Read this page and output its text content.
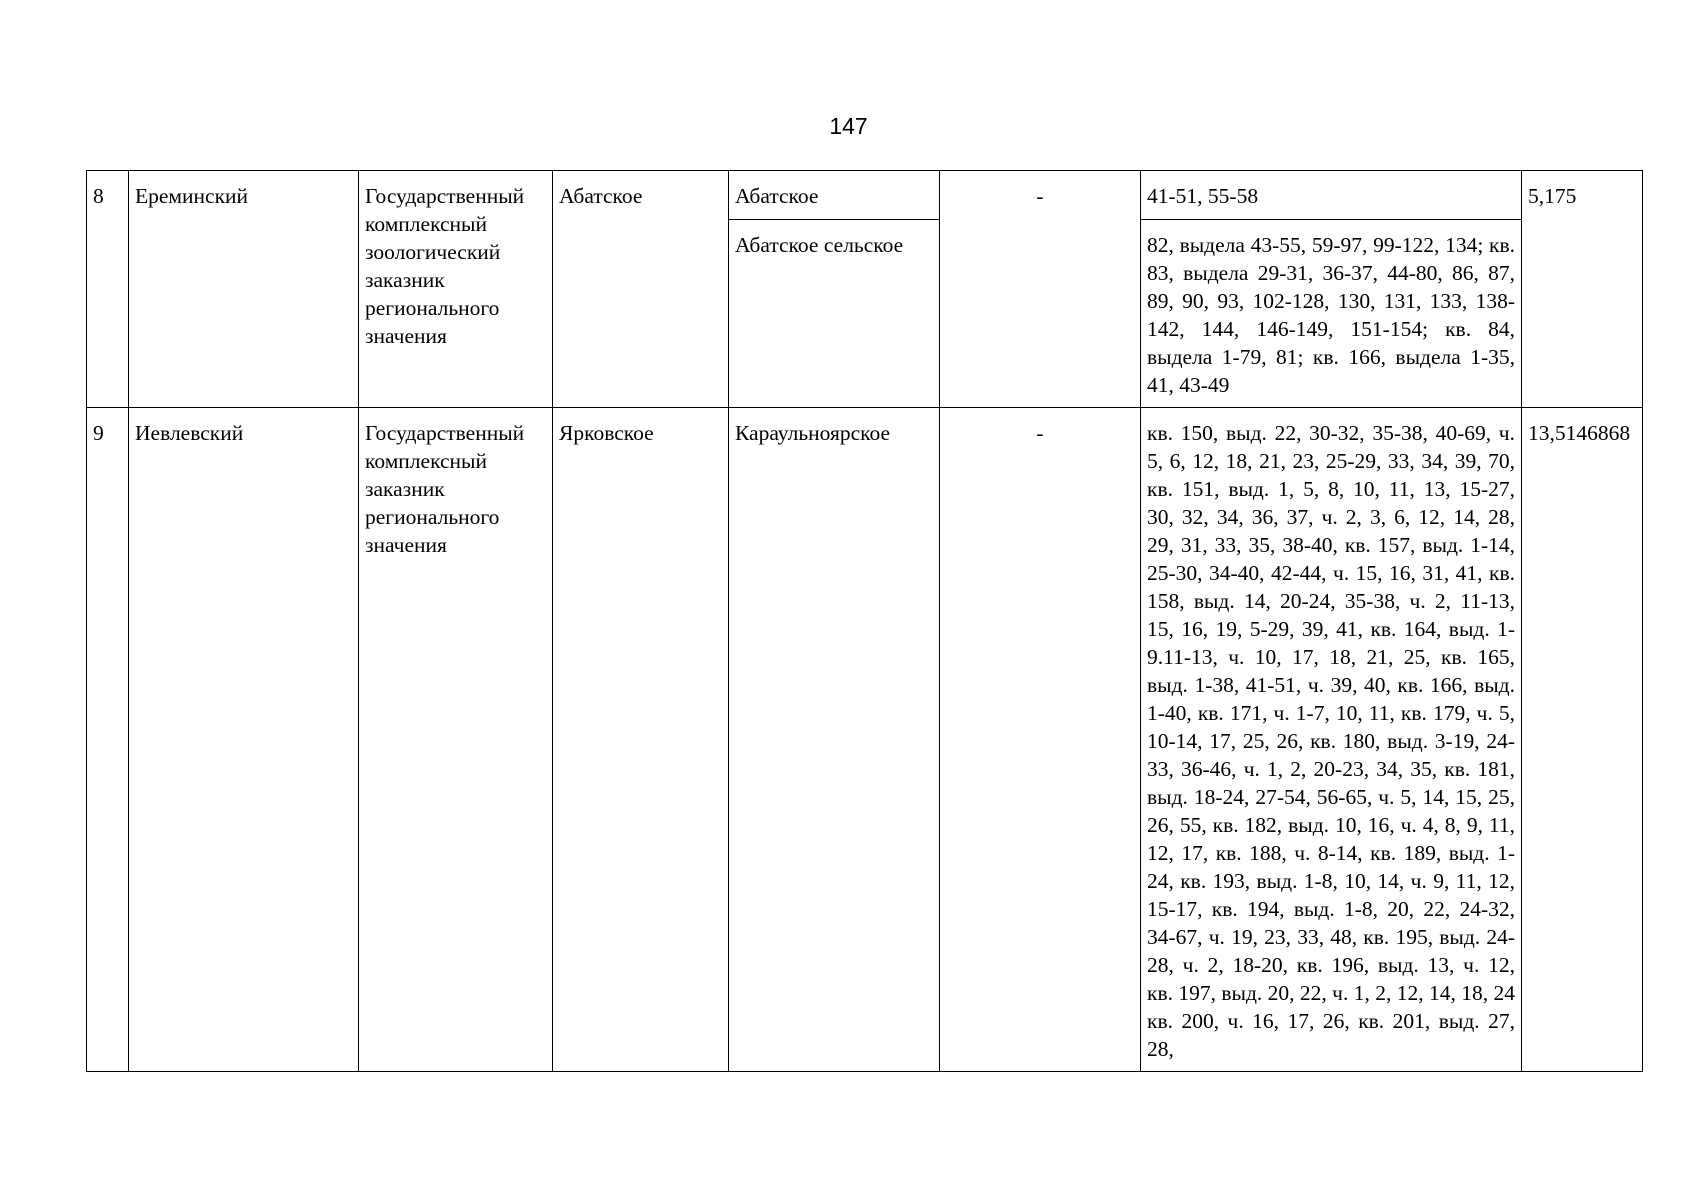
147
8	Ереминский	Государственный комплексный зоологический заказник регионального значения	Абатское	Абатское	-	41-51, 55-58	5,175
				Абатское сельское		82, выдела 43-55, 59-97, 99-122, 134; кв. 83, выдела 29-31, 36-37, 44-80, 86, 87, 89, 90, 93, 102-128, 130, 131, 133, 138-142, 144, 146-149, 151-154; кв. 84, выдела 1-79, 81; кв. 166, выдела 1-35, 41, 43-49	
9	Иевлевский	Государственный комплексный заказник регионального значения	Ярковское	Караульноярское	-	кв. 150, выд. 22, 30-32, 35-38, 40-69, ч. 5, 6, 12, 18, 21, 23, 25-29, 33, 34, 39, 70, кв. 151, выд. 1, 5, 8, 10, 11, 13, 15-27, 30, 32, 34, 36, 37, ч. 2, 3, 6, 12, 14, 28, 29, 31, 33, 35, 38-40, кв. 157, выд. 1-14, 25-30, 34-40, 42-44, ч. 15, 16, 31, 41, кв. 158, выд. 14, 20-24, 35-38, ч. 2, 11-13, 15, 16, 19, 5-29, 39, 41, кв. 164, выд. 1-9.11-13, ч. 10, 17, 18, 21, 25, кв. 165, выд. 1-38, 41-51, ч. 39, 40, кв. 166, выд. 1-40, кв. 171, ч. 1-7, 10, 11, кв. 179, ч. 5, 10-14, 17, 25, 26, кв. 180, выд. 3-19, 24-33, 36-46, ч. 1, 2, 20-23, 34, 35, кв. 181, выд. 18-24, 27-54, 56-65, ч. 5, 14, 15, 25, 26, 55, кв. 182, выд. 10, 16, ч. 4, 8, 9, 11, 12, 17, кв. 188, ч. 8-14, кв. 189, выд. 1-24, кв. 193, выд. 1-8, 10, 14, ч. 9, 11, 12, 15-17, кв. 194, выд. 1-8, 20, 22, 24-32, 34-67, ч. 19, 23, 33, 48, кв. 195, выд. 24-28, ч. 2, 18-20, кв. 196, выд. 13, ч. 12, кв. 197, выд. 20, 22, ч. 1, 2, 12, 14, 18, 24 кв. 200, ч. 16, 17, 26, кв. 201, выд. 27, 28,	13,5146868
